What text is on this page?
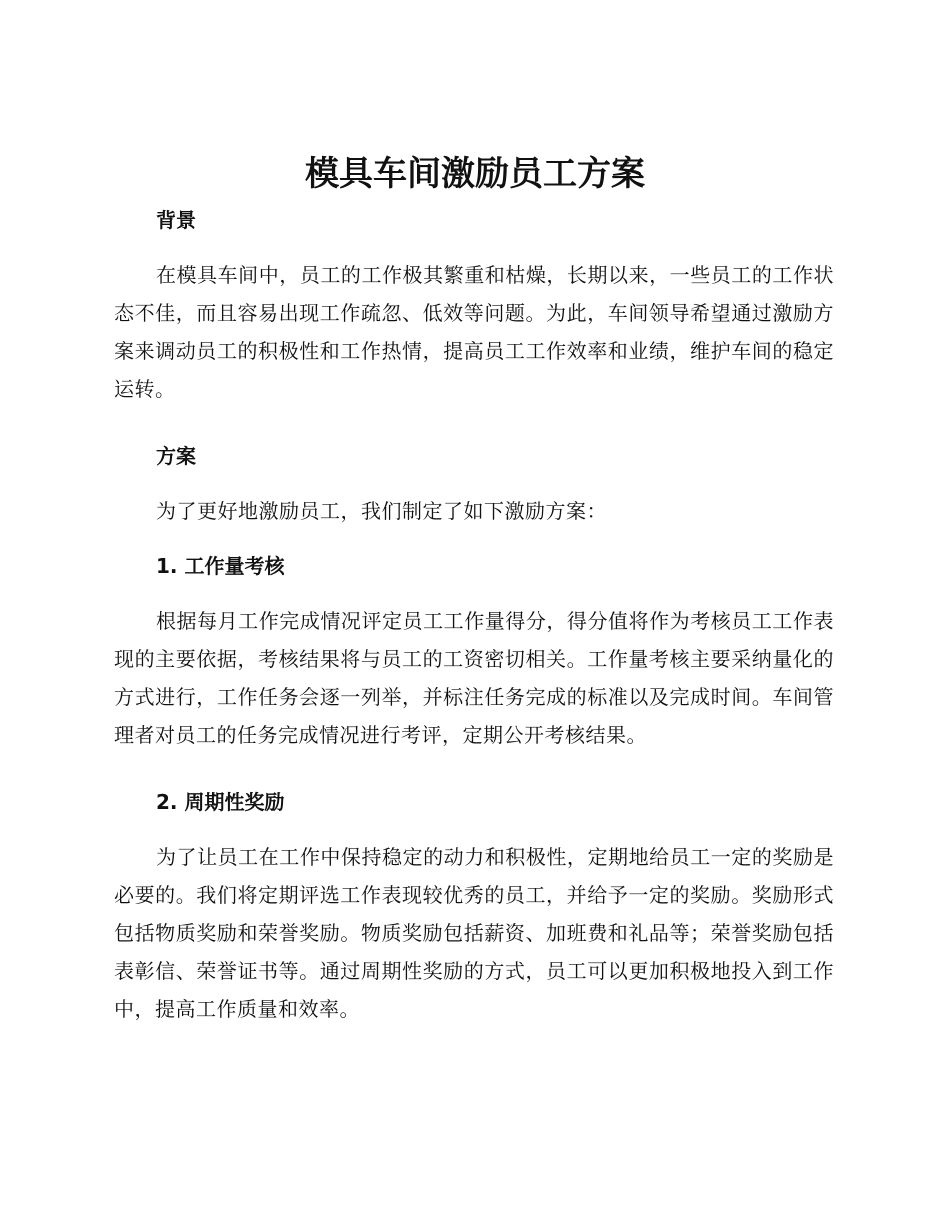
模具车间激励员工方案
背景

在模具车间中，员工的工作极其繁重和枯燥，长期以来，一些员工的工作状态不佳，而且容易出现工作疏忽、低效等问题。为此，车间领导希望通过激励方案来调动员工的积极性和工作热情，提高员工工作效率和业绩，维护车间的稳定运转。

方案

为了更好地激励员工，我们制定了如下激励方案：

1. 工作量考核

根据每月工作完成情况评定员工工作量得分，得分值将作为考核员工工作表现的主要依据，考核结果将与员工的工资密切相关。工作量考核主要采纳量化的方式进行，工作任务会逐一列举，并标注任务完成的标准以及完成时间。车间管理者对员工的任务完成情况进行考评，定期公开考核结果。

2. 周期性奖励

为了让员工在工作中保持稳定的动力和积极性，定期地给员工一定的奖励是必要的。我们将定期评选工作表现较优秀的员工，并给予一定的奖励。奖励形式包括物质奖励和荣誉奖励。物质奖励包括薪资、加班费和礼品等；荣誉奖励包括表彰信、荣誉证书等。通过周期性奖励的方式，员工可以更加积极地投入到工作中，提高工作质量和效率。
